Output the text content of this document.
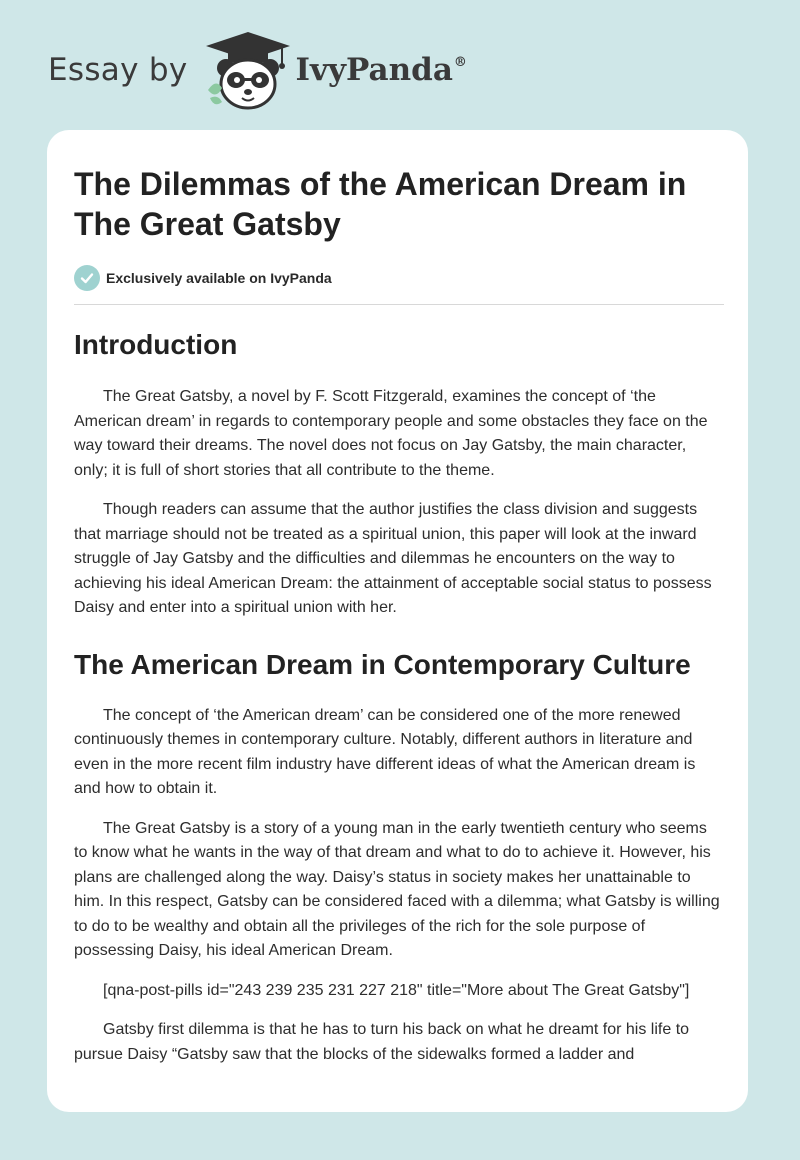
Essay by	IvyPanda®
The Dilemmas of the American Dream in The Great Gatsby
Exclusively available on IvyPanda
Introduction

The Great Gatsby, a novel by F. Scott Fitzgerald, examines the concept of ‘the American dream’ in regards to contemporary people and some obstacles they face on the way toward their dreams. The novel does not focus on Jay Gatsby, the main character, only; it is full of short stories that all contribute to the theme.

Though readers can assume that the author justifies the class division and suggests that marriage should not be treated as a spiritual union, this paper will look at the inward struggle of Jay Gatsby and the difficulties and dilemmas he encounters on the way to achieving his ideal American Dream: the attainment of acceptable social status to possess Daisy and enter into a spiritual union with her.

The American Dream in Contemporary Culture

The concept of ‘the American dream’ can be considered one of the more renewed continuously themes in contemporary culture. Notably, different authors in literature and even in the more recent film industry have different ideas of what the American dream is and how to obtain it.

The Great Gatsby is a story of a young man in the early twentieth century who seems to know what he wants in the way of that dream and what to do to achieve it. However, his plans are challenged along the way. Daisy’s status in society makes her unattainable to him. In this respect, Gatsby can be considered faced with a dilemma; what Gatsby is willing to do to be wealthy and obtain all the privileges of the rich for the sole purpose of possessing Daisy, his ideal American Dream.

[qna-post-pills id="243 239 235 231 227 218" title="More about The Great Gatsby"]

Gatsby first dilemma is that he has to turn his back on what he dreamt for his life to pursue Daisy “Gatsby saw that the blocks of the sidewalks formed a ladder and
